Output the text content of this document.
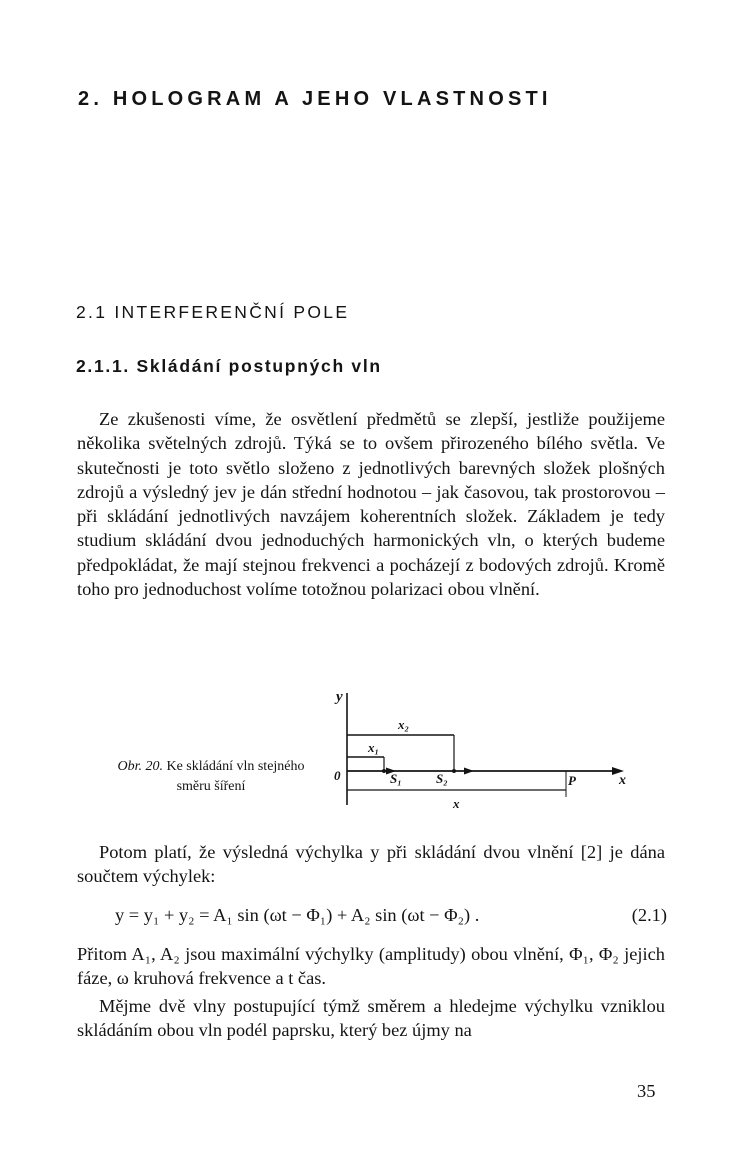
2. HOLOGRAM A JEHO VLASTNOSTI
2.1 INTERFERENČNÍ POLE
2.1.1. Skládání postupných vln

Ze zkušenosti víme, že osvětlení předmětů se zlepší, jestliže použijeme několika světelných zdrojů. Týká se to ovšem přirozeného bílého světla. Ve skutečnosti je toto světlo složeno z jednotlivých barevných složek plošných zdrojů a výsledný jev je dán střední hodnotou – jak časovou, tak prostorovou – při skládání jednotlivých navzájem koherentních složek. Základem je tedy studium skládání dvou jednoduchých harmonických vln, o kterých budeme předpokládat, že mají stejnou frekvenci a pocházejí z bodových zdrojů. Kromě toho pro jednoduchost volíme totožnou polarizaci obou vlnění.

y
x₂
x₁
0	S₁	S₂	P	x
x

Obr. 20. Ke skládání vln stejného směru šíření

Potom platí, že výsledná výchylka y při skládání dvou vlnění [2] je dána součtem výchylek:

y = y₁ + y₂ = A₁ sin (ωt − Φ₁) + A₂ sin (ωt − Φ₂) .	(2.1)

Přitom A₁, A₂ jsou maximální výchylky (amplitudy) obou vlnění, Φ₁, Φ₂ jejich fáze, ω kruhová frekvence a t čas.

Mějme dvě vlny postupující týmž směrem a hledejme výchylku vzniklou skládáním obou vln podél paprsku, který bez újmy na

35
